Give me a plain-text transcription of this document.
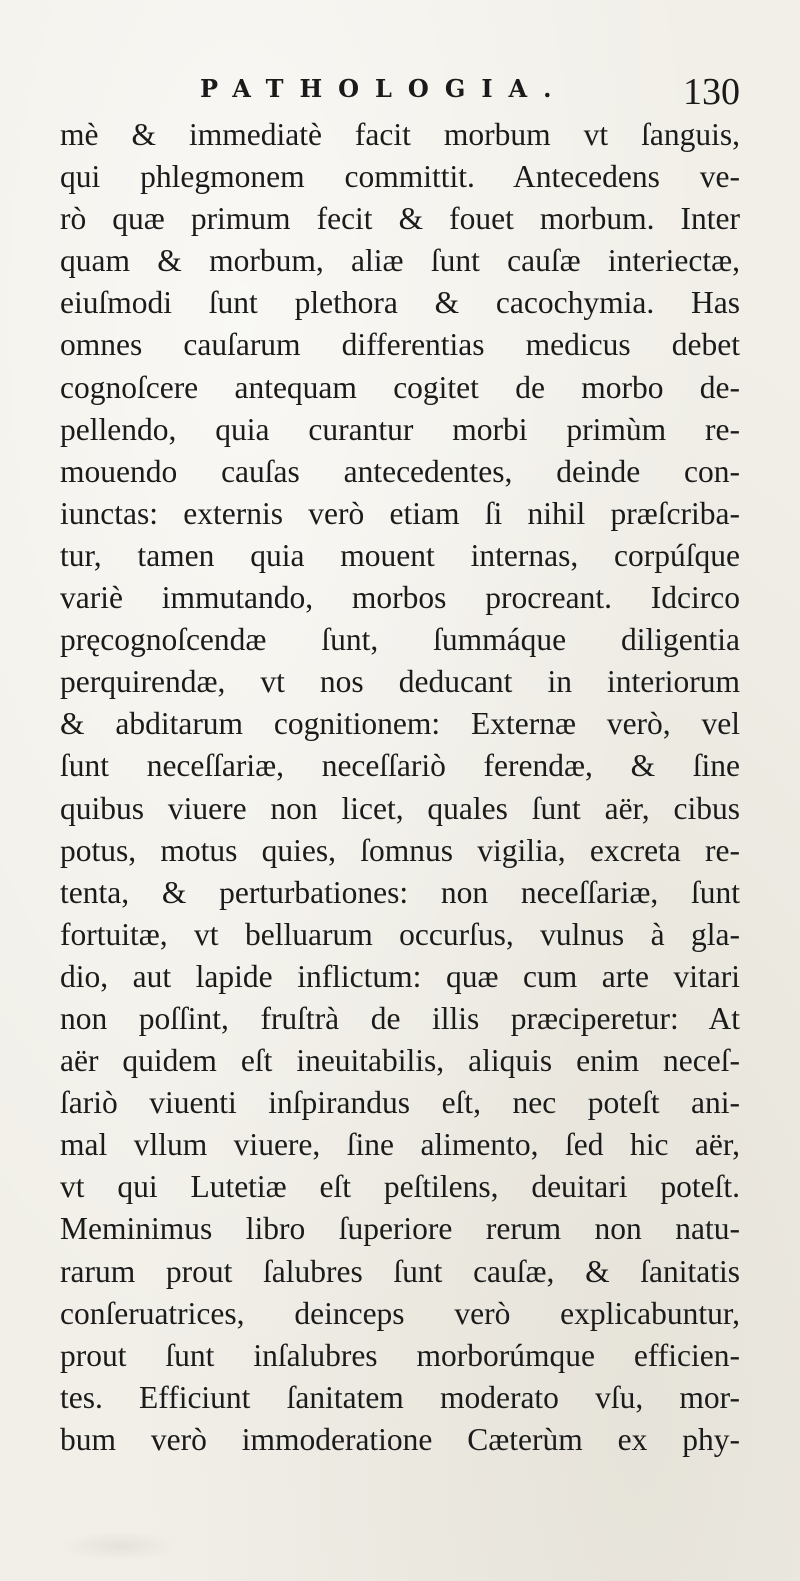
PATHOLOGIA.	130
mè & immediatè facit morbum vt ſanguis,
qui phlegmonem committit. Antecedens ve-
rò quæ primum fecit & fouet morbum. Inter
quam & morbum, aliæ ſunt cauſæ interiectæ,
eiuſmodi ſunt plethora & cacochymia. Has
omnes cauſarum differentias medicus debet
cognoſcere antequam cogitet de morbo de-
pellendo, quia curantur morbi primùm re-
mouendo cauſas antecedentes, deinde con-
iunctas: externis verò etiam ſi nihil præſcriba-
tur, tamen quia mouent internas, corpúſque
variè immutando, morbos procreant. Idcirco
pręcognoſcendæ ſunt, ſummáque diligentia
perquirendæ, vt nos deducant in interiorum
& abditarum cognitionem: Externæ verò, vel
ſunt neceſſariæ, neceſſariò ferendæ, & ſine
quibus viuere non licet, quales ſunt aër, cibus
potus, motus quies, ſomnus vigilia, excreta re-
tenta, & perturbationes: non neceſſariæ, ſunt
fortuitæ, vt belluarum occurſus, vulnus à gla-
dio, aut lapide inflictum: quæ cum arte vitari
non poſſint, fruſtrà de illis præciperetur: At
aër quidem eſt ineuitabilis, aliquis enim neceſ-
ſariò viuenti inſpirandus eſt, nec poteſt ani-
mal vllum viuere, ſine alimento, ſed hic aër,
vt qui Lutetiæ eſt peſtilens, deuitari poteſt.
Meminimus libro ſuperiore rerum non natu-
rarum prout ſalubres ſunt cauſæ, & ſanitatis
conſeruatrices, deinceps verò explicabuntur,
prout ſunt inſalubres morborúmque efficien-
tes. Efficiunt ſanitatem moderato vſu, mor-
bum verò immoderatione Cæterùm ex phy-
